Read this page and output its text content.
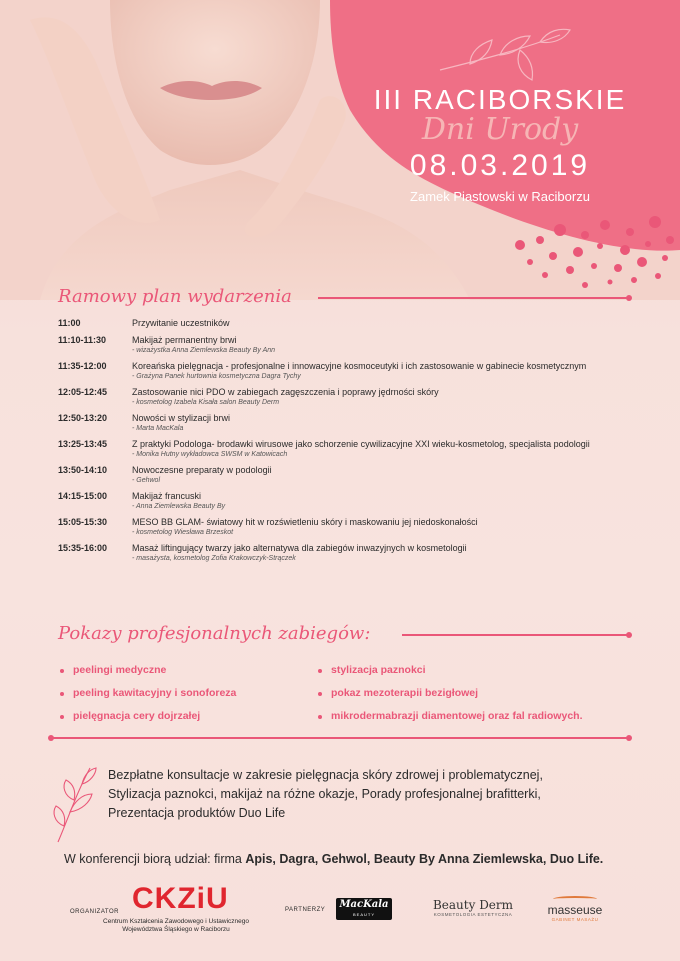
III RACIBORSKIE
Dni Urody
08.03.2019
Zamek Piastowski w Raciborzu
Ramowy plan wydarzenia
11:00	Przywitanie uczestników
11:10-11:30	Makijaż permanentny brwi
- wizażystka Anna Ziemlewska Beauty By Ann
11:35-12:00	Koreańska pielęgnacja - profesjonalne i innowacyjne kosmoceutyki i ich zastosowanie w gabinecie kosmetycznym
- Grażyna Panek hurtownia kosmetyczna Dagra Tychy
12:05-12:45	Zastosowanie nici PDO w zabiegach zagęszczenia i poprawy jędrności skóry
- kosmetolog Izabela Kisała salon Beauty Derm
12:50-13:20	Nowości w stylizacji brwi
- Marta MacKala
13:25-13:45	Z praktyki Podologa- brodawki wirusowe jako schorzenie cywilizacyjne XXI wieku-kosmetolog, specjalista podologii
- Monika Hutny wykładowca SWSM w Katowicach
13:50-14:10	Nowoczesne preparaty w podologii
- Gehwol
14:15-15:00	Makijaż francuski
- Anna Ziemlewska Beauty By
15:05-15:30	MESO BB GLAM- światowy hit w rozświetleniu skóry i maskowaniu jej niedoskonałości
- kosmetolog Wiesława Brzeskot
15:35-16:00	Masaż liftingujący twarzy jako alternatywa dla zabiegów inwazyjnych w kosmetologii
- masażysta, kosmetolog Zofia Krakowczyk-Strączek
Pokazy profesjonalnych zabiegów:
peelingi medyczne
peeling kawitacyjny i sonoforeza
pielęgnacja cery dojrzałej
stylizacja paznokci
pokaz mezoterapii bezigłowej
mikrodermabrazji diamentowej oraz fal radiowych.
Bezpłatne konsultacje w zakresie pielęgnacja skóry zdrowej i problematycznej,
Stylizacja paznokci, makijaż na różne okazje, Porady profesjonalnej brafitterki,
Prezentacja produktów Duo Life
W konferencji biorą udział: firma Apis, Dagra, Gehwol, Beauty By Anna Ziemlewska, Duo Life.
ORGANIZATOR CKZiU
Centrum Kształcenia Zawodowego i Ustawicznego
Województwa Śląskiego w Raciborzu
PARTNERZY	MacKala
BEAUTY
Beauty Derm
KOSMETOLOGIA ESTETYCZNA	masseuse
GABINET MASAŻU
